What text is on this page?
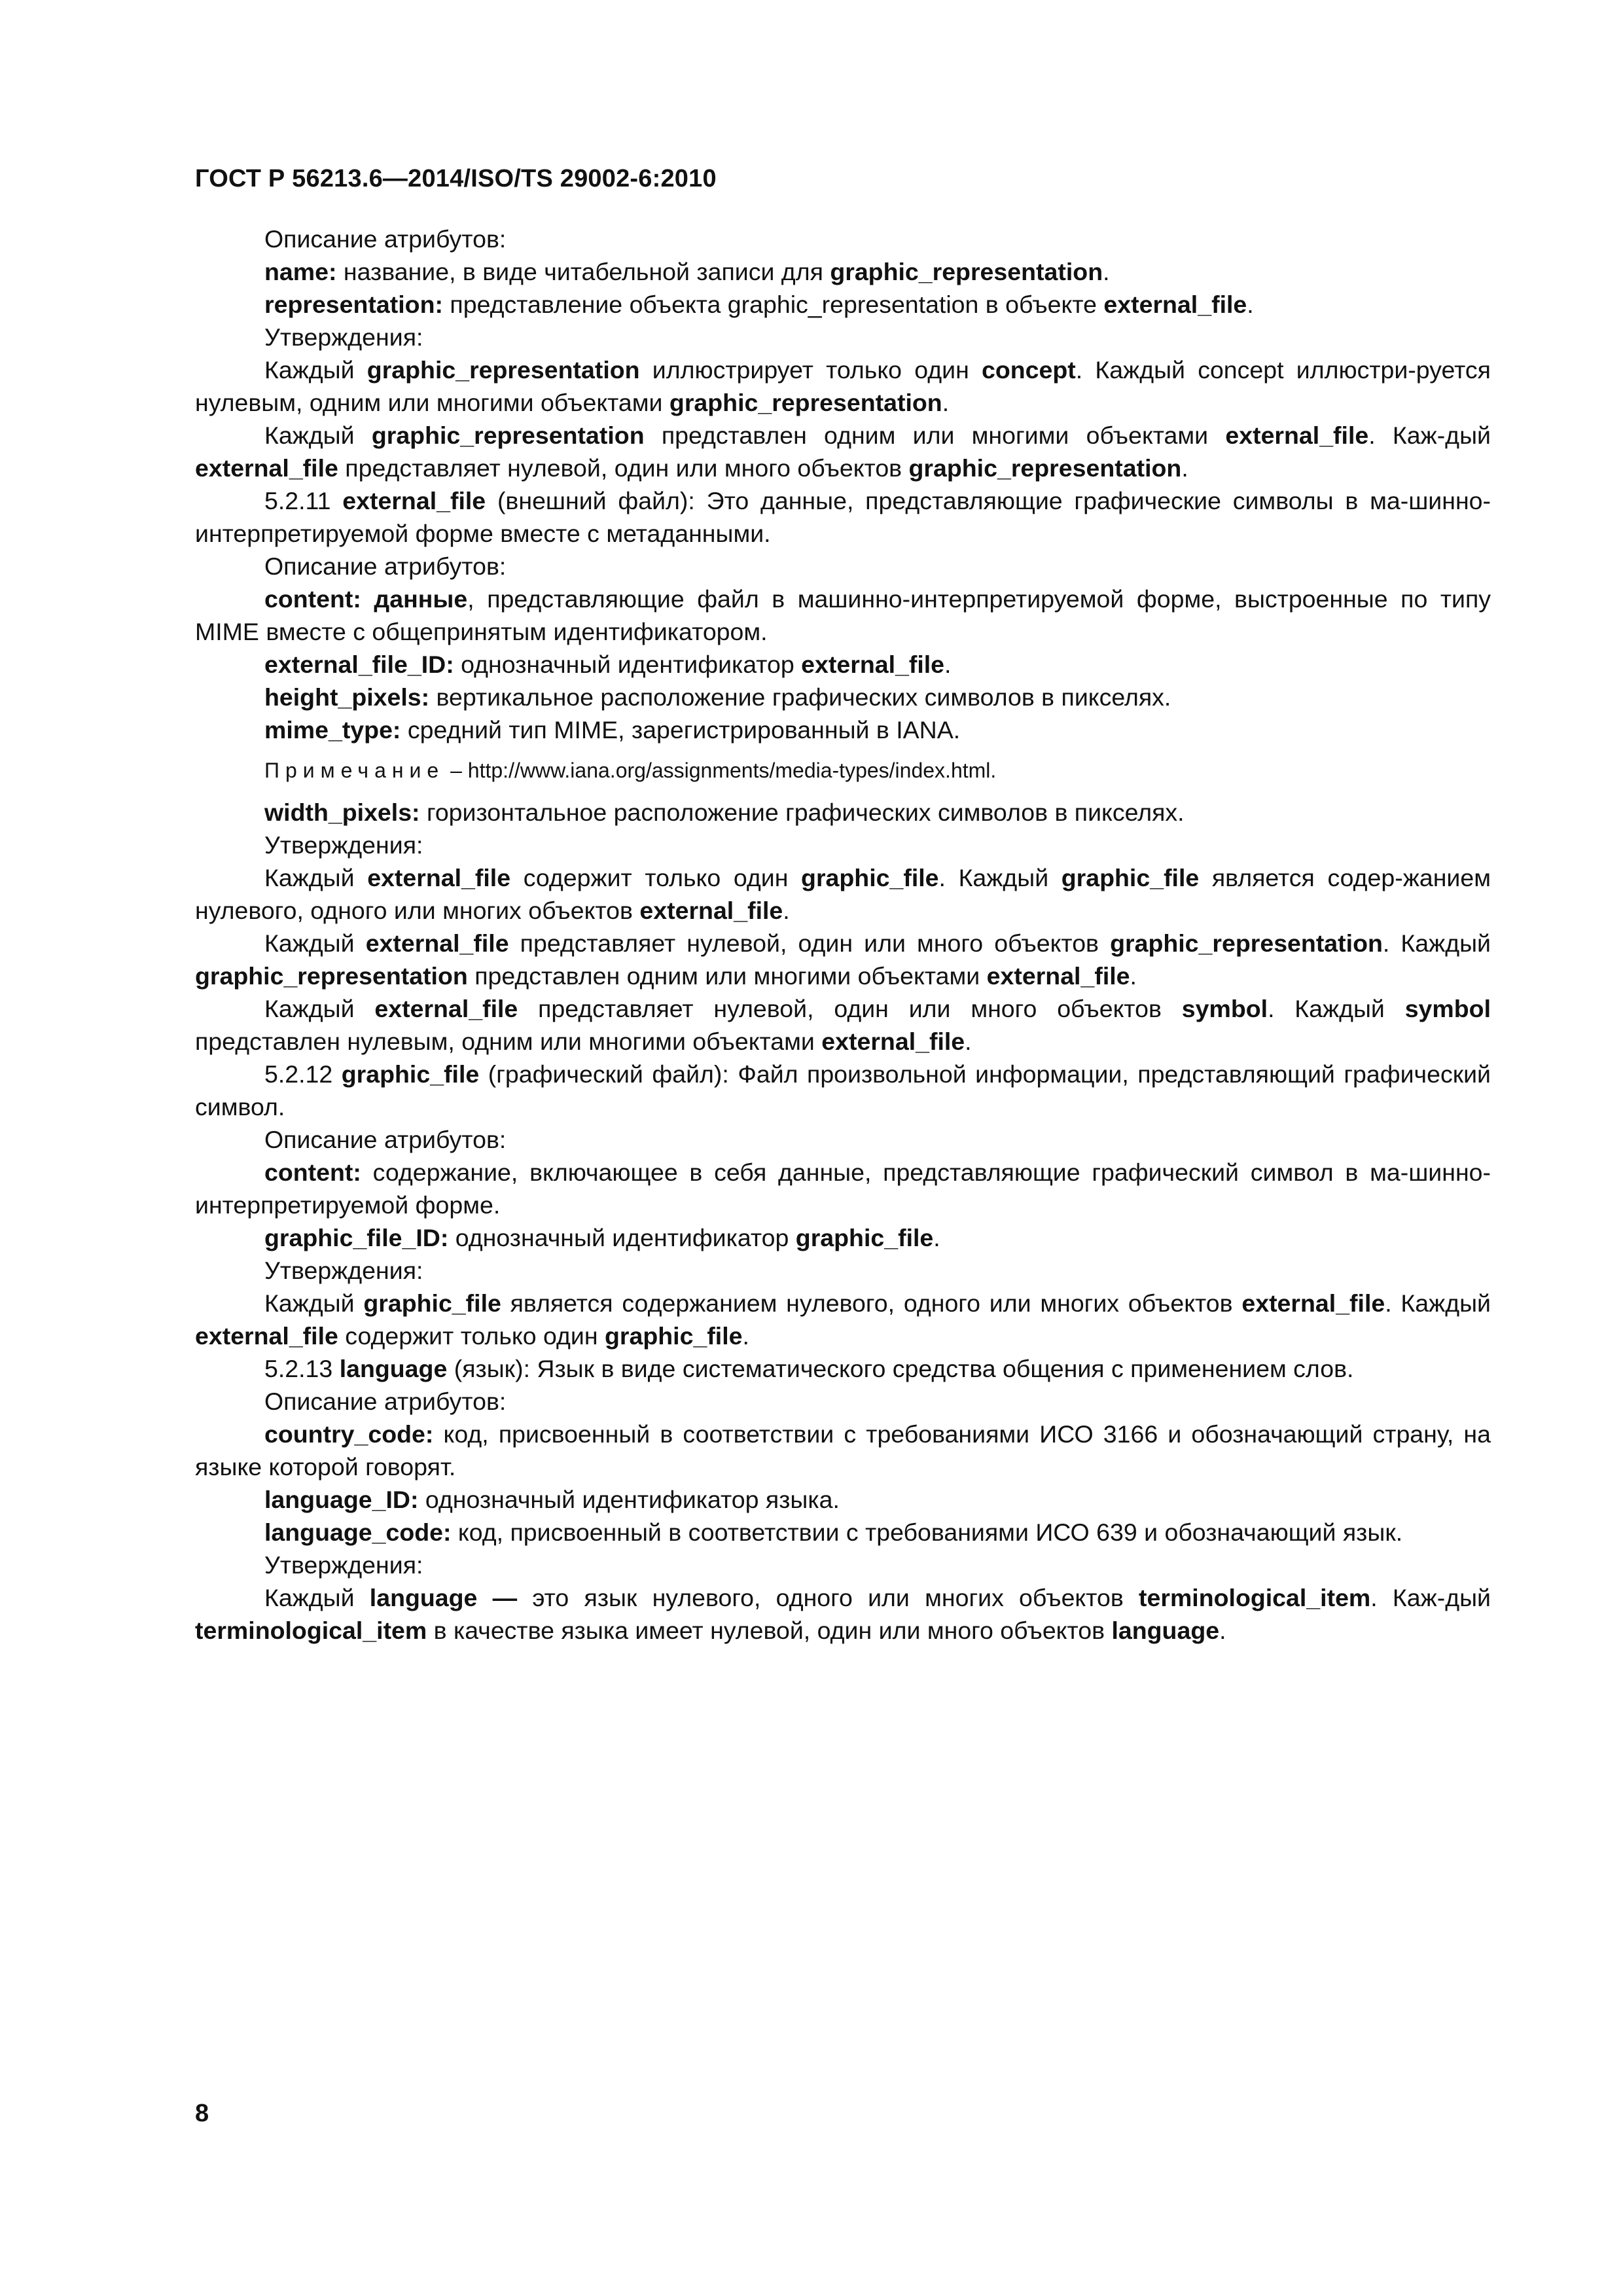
ГОСТ Р 56213.6—2014/ISO/TS 29002-6:2010

Описание атрибутов:

name: название, в виде читабельной записи для graphic_representation.

representation: представление объекта graphic_representation в объекте external_file.

Утверждения:

Каждый graphic_representation иллюстрирует только один concept. Каждый concept иллюстри-руется нулевым, одним или многими объектами graphic_representation.

Каждый graphic_representation представлен одним или многими объектами external_file. Каж-дый external_file представляет нулевой, один или много объектов graphic_representation.

5.2.11 external_file (внешний файл): Это данные, представляющие графические символы в ма-шинно-интерпретируемой форме вместе с метаданными.

Описание атрибутов:

content: данные, представляющие файл в машинно-интерпретируемой форме, выстроенные по типу MIME вместе с общепринятым идентификатором.

external_file_ID: однозначный идентификатор external_file.

height_pixels: вертикальное расположение графических символов в пикселях.

mime_type: средний тип MIME, зарегистрированный в IANA.

Примечание – http://www.iana.org/assignments/media-types/index.html.

width_pixels: горизонтальное расположение графических символов в пикселях.

Утверждения:

Каждый external_file содержит только один graphic_file. Каждый graphic_file является содер-жанием нулевого, одного или многих объектов external_file.

Каждый external_file представляет нулевой, один или много объектов graphic_representation. Каждый graphic_representation представлен одним или многими объектами external_file.

Каждый external_file представляет нулевой, один или много объектов symbol. Каждый symbol представлен нулевым, одним или многими объектами external_file.

5.2.12 graphic_file (графический файл): Файл произвольной информации, представляющий графический символ.

Описание атрибутов:

content: содержание, включающее в себя данные, представляющие графический символ в ма-шинно-интерпретируемой форме.

graphic_file_ID: однозначный идентификатор graphic_file.

Утверждения:

Каждый graphic_file является содержанием нулевого, одного или многих объектов external_file. Каждый external_file содержит только один graphic_file.

5.2.13 language (язык): Язык в виде систематического средства общения с применением слов.

Описание атрибутов:

country_code: код, присвоенный в соответствии с требованиями ИСО 3166 и обозначающий страну, на языке которой говорят.

language_ID: однозначный идентификатор языка.

language_code: код, присвоенный в соответствии с требованиями ИСО 639 и обозначающий язык.

Утверждения:

Каждый language — это язык нулевого, одного или многих объектов terminological_item. Каж-дый terminological_item в качестве языка имеет нулевой, один или много объектов language.

8
